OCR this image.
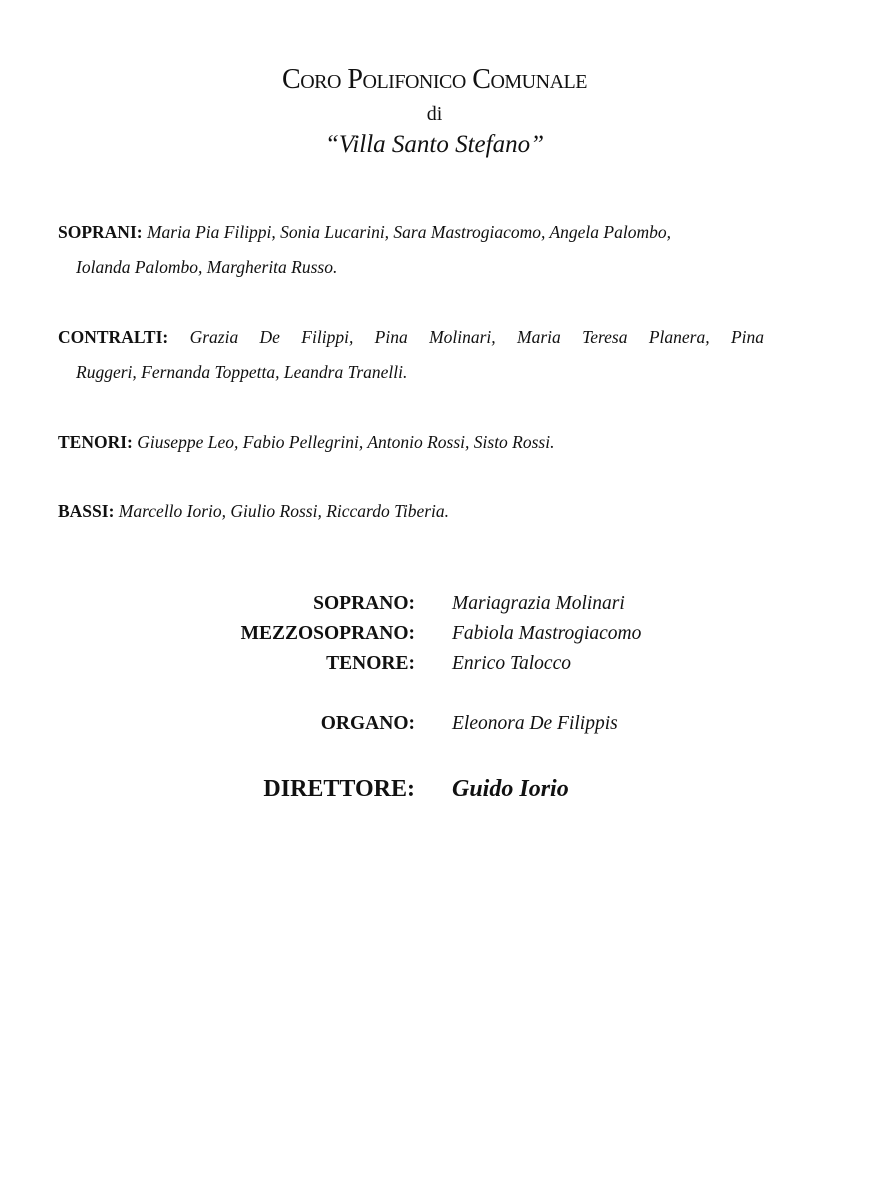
Coro Polifonico Comunale
di
“Villa Santo Stefano”
SOPRANI: Maria Pia Filippi, Sonia Lucarini, Sara Mastrogiacomo, Angela Palombo,
Iolanda Palombo, Margherita Russo.
CONTRALTI: Grazia De Filippi, Pina Molinari, Maria Teresa Planera, Pina
Ruggeri, Fernanda Toppetta, Leandra Tranelli.
TENORI: Giuseppe Leo, Fabio Pellegrini, Antonio Rossi, Sisto Rossi.
BASSI: Marcello Iorio, Giulio Rossi, Riccardo Tiberia.
SOPRANO: Mariagrazia Molinari
MEZZOSOPRANO: Fabiola Mastrogiacomo
TENORE: Enrico Talocco
ORGANO: Eleonora De Filippis
DIRETTORE: Guido Iorio
